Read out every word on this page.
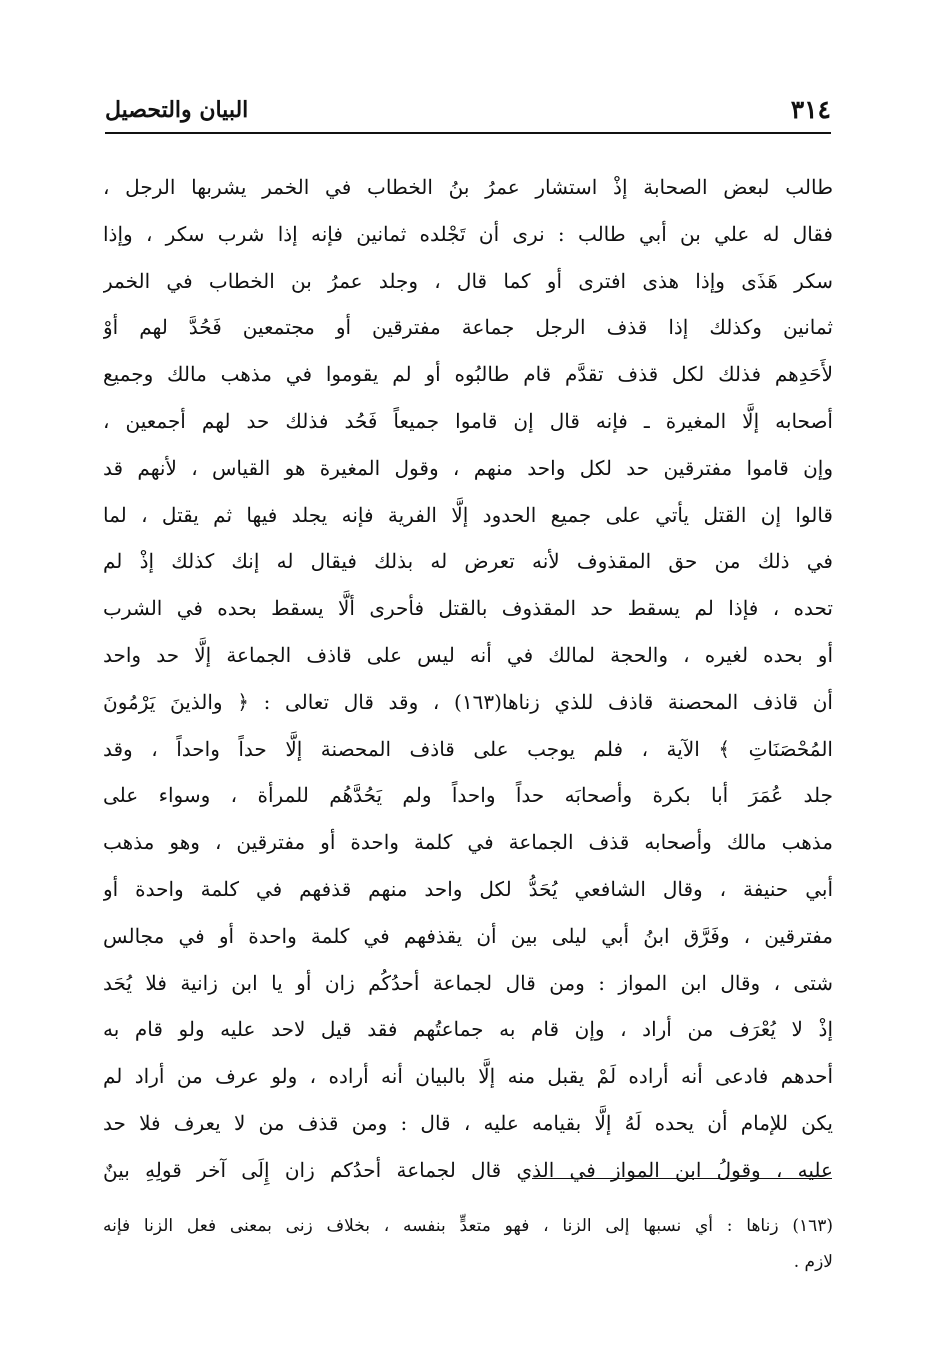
٣١٤
البيان والتحصيل
طالب لبعض الصحابة إذْ استشار عمرُ بنُ الخطاب في الخمر يشربها الرجل ،
فقال له علي بن أبي طالب : نرى أن تَجْلده ثمانين فإنه إذا شرب سكر ، وإذا
سكر هَذَى وإذا هذى افترى أو كما قال ، وجلد عمرُ بن الخطاب في الخمر
ثمانين وكذلك إذا قذف الرجل جماعة مفترقين أو مجتمعين فَحُدَّ لهم أوْ
لأَحَدِهم فذلك لكل قذف تقدَّم قام طالبُوه أو لم يقوموا في مذهب مالك وجميع
أصحابه إلَّا المغيرة ـ فإنه قال إن قاموا جميعاً فَحُد فذلك حد لهم أجمعين ،
وإن قاموا مفترقين حد لكل واحد منهم ، وقول المغيرة هو القياس ، لأنهم قد
قالوا إن القتل يأتي على جميع الحدود إلَّا الفرية فإنه يجلد فيها ثم يقتل ، لما
في ذلك من حق المقذوف لأنه تعرض له بذلك فيقال له إنك كذلك إذْ لم
تحده ، فإذا لم يسقط حد المقذوف بالقتل فأحرى ألَّا يسقط بحده في الشرب
أو بحده لغيره ، والحجة لمالك في أنه ليس على قاذف الجماعة إلَّا حد واحد
أن قاذف المحصنة قاذف للذي زناها(١٦٣) ، وقد قال تعالى : ﴿ والذينَ يَرْمُونَ
المُحْصَنَاتِ ﴾ الآية ، فلم يوجب على قاذف المحصنة إلَّا حداً واحداً ، وقد
جلد عُمَرَ أبا بكرة وأصحابَه حداً واحداً ولم يَحُدَّهُم للمرأة ، وسواء على
مذهب مالك وأصحابه قذف الجماعة في كلمة واحدة أو مفترقين ، وهو مذهب
أبي حنيفة ، وقال الشافعي يُحَدُّ لكل واحد منهم قذفهم في كلمة واحدة أو
مفترقين ، وفَرَّق ابنُ أبي ليلى بين أن يقذفهم في كلمة واحدة أو في مجالس
شتى ، وقال ابن المواز : ومن قال لجماعة أحدُكُم زان أو يا ابن زانية فلا يُحَد
إذْ لا يُعْرَف من أراد ، وإن قام به جماعتُهم فقد قيل لاحد عليه ولو قام به
أحدهم فادعى أنه أراده لَمْ يقبل منه إلَّا بالبيان أنه أراده ، ولو عرف من أراد لم
يكن للإمام أن يحده لَهُ إلَّا بقيامه عليه ، قال : ومن قذف من لا يعرف فلا حد
عليه ، وقولُ ابن المواز في الذي قال لجماعة أحدُكم زان إِلَى آخر قولِهِ بينٌ
(١٦٣) زناها : أي نسبها إلى الزنا ، فهو متعدٍّ بنفسه ، بخلاف زنى بمعنى فعل الزنا فإنه
لازم .
